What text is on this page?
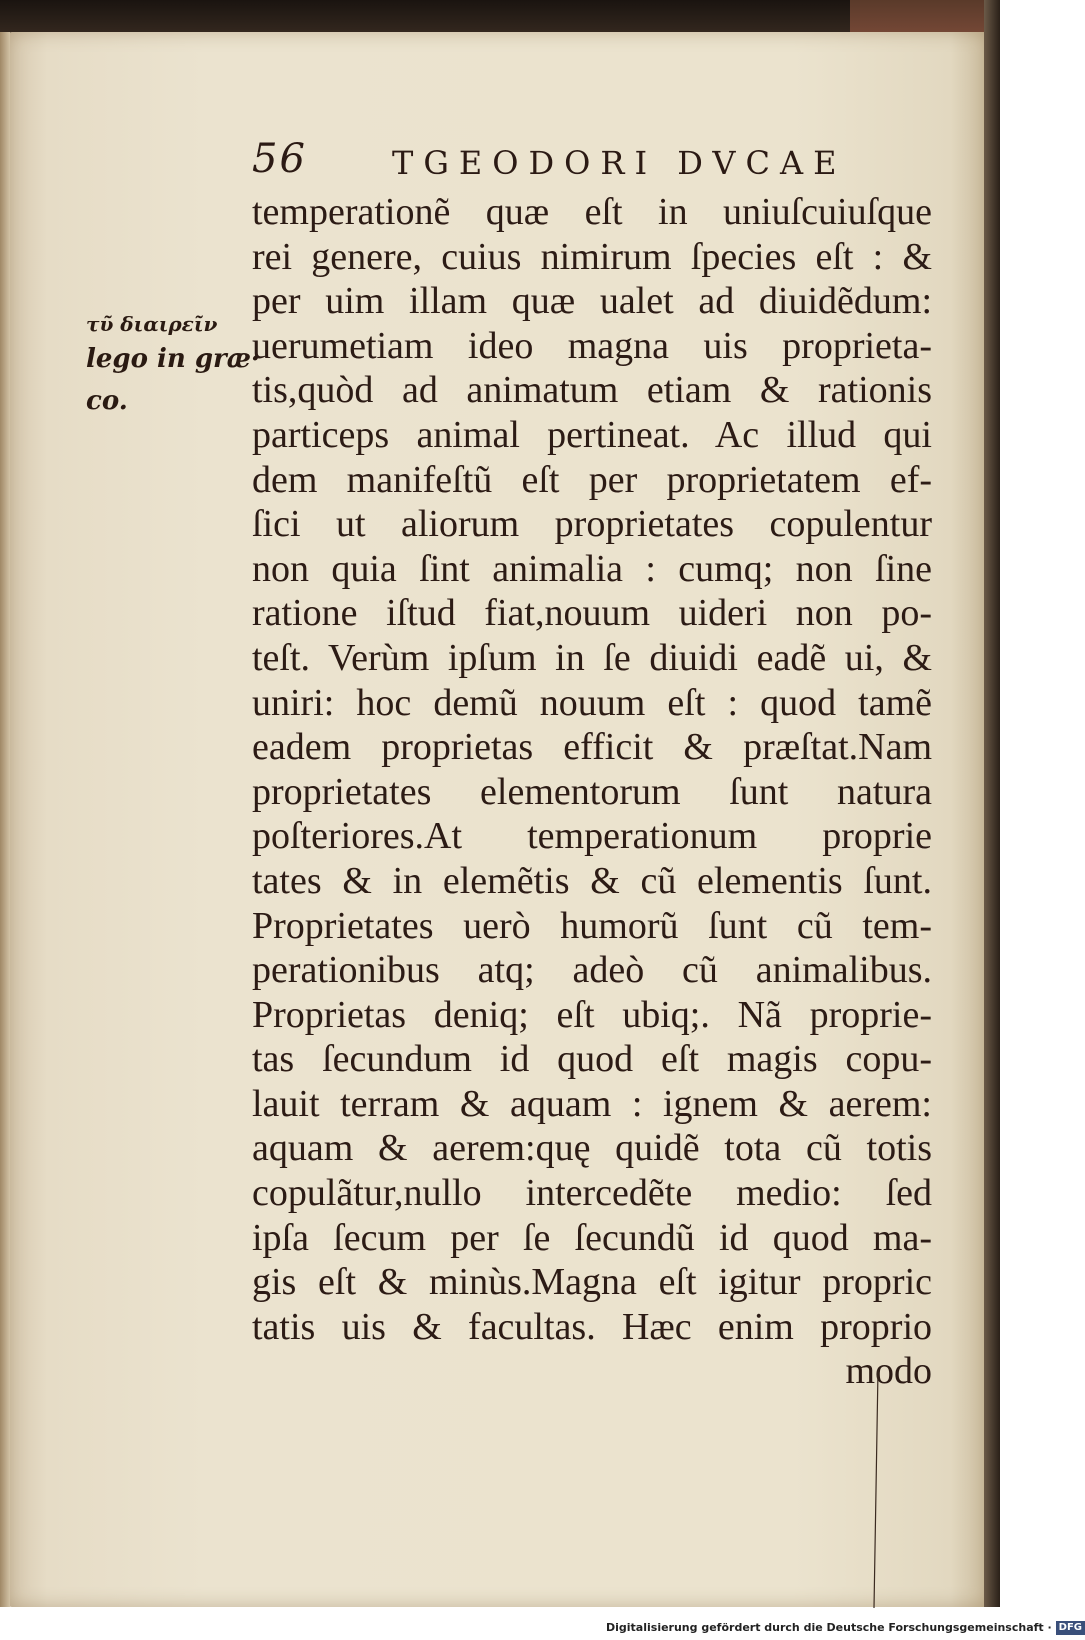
56	TGEODORI DVCAE
τῦ διαιρεῖν
lego in græ·
co.
temperationẽ quæ eſt in uniuſcuiuſque
rei genere, cuius nimirum ſpecies eſt : &
per uim illam quæ ualet ad diuidẽdum:
uerumetiam ideo magna uis proprieta-
tis,quòd ad animatum etiam & rationis
particeps animal pertineat. Ac illud qui
dem manifeſtũ eſt per proprietatem ef-
ſici ut aliorum proprietates copulentur
non quia ſint animalia : cumq; non ſine
ratione iſtud fiat,nouum uideri non po-
teſt. Verùm ipſum in ſe diuidi eadẽ ui, &
uniri: hoc demũ nouum eſt : quod tamẽ
eadem proprietas efficit & præſtat.Nam
proprietates elementorum ſunt natura
poſteriores.At temperationum proprie
tates & in elemẽtis & cũ elementis ſunt.
Proprietates uerò humorũ ſunt cũ tem-
perationibus atq; adeò cũ animalibus.
Proprietas deniq; eſt ubiq;. Nã proprie-
tas ſecundum id quod eſt magis copu-
lauit terram & aquam : ignem & aerem:
aquam & aerem:quę quidẽ tota cũ totis
copulãtur,nullo intercedẽte medio: ſed
ipſa ſecum per ſe ſecundũ id quod ma-
gis eſt & minùs.Magna eſt igitur propric
tatis uis & facultas. Hæc enim proprio
modo
Digitalisierung gefördert durch die Deutsche Forschungsgemeinschaft · DFG
